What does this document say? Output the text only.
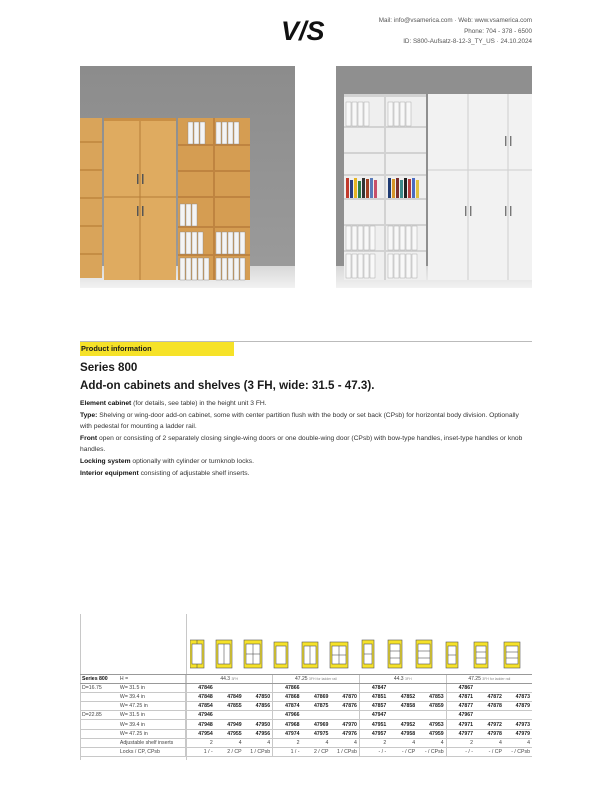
V/S	Mail: info@vsamerica.com · Web: www.vsamerica.com
Phone: 704 - 378 - 6500
ID: S800-Aufsatz-8-12-3_TY_US · 24.10.2024
Product information
Series 800
Add-on cabinets and shelves (3 FH, wide: 31.5 - 47.3).
Element cabinet (for details, see table) in the height unit 3 FH.
Type: Shelving or wing-door add-on cabinet, some with center partition flush with the body or set back (CPsb) for horizontal body division. Optionally with pedestal for mounting a ladder rail.
Front open or consisting of 2 separately closing single-wing doors or one double-wing door (CPsb) with bow-type handles, inset-type handles or knob handles.
Locking system optionally with cylinder or turnknob locks.
Interior equipment consisting of adjustable shelf inserts.
Series 800	H =	44.3 3FH			47.25 3FH for ladder rail			44.3 3FH			47.25 3FH for ladder rail		
D=16.75	W= 31.5 in	47846			47866			47847			47867		
	W= 39.4 in	47848	47849	47850	47868	47869	47870	47851	47852	47853	47871	47872	47873
	W= 47.25 in	47854	47855	47856	47874	47875	47876	47857	47858	47859	47877	47878	47879
D=22.85	W= 31.5 in	47946			47966			47947			47967		
	W= 39.4 in	47948	47949	47950	47968	47969	47970	47951	47952	47953	47971	47972	47973
	W= 47.25 in	47954	47955	47956	47974	47975	47976	47957	47958	47959	47977	47978	47979
	Adjustable shelf inserts	2	4	4	2	4	4	2	4	4	2	4	4
	Locks / CP, CPsb	1 / -	2 / CP	1 / CPsb	1 / -	2 / CP	1 / CPsb	- / -	- / CP	- / CPsb	- / -	- / CP	- / CPsb
